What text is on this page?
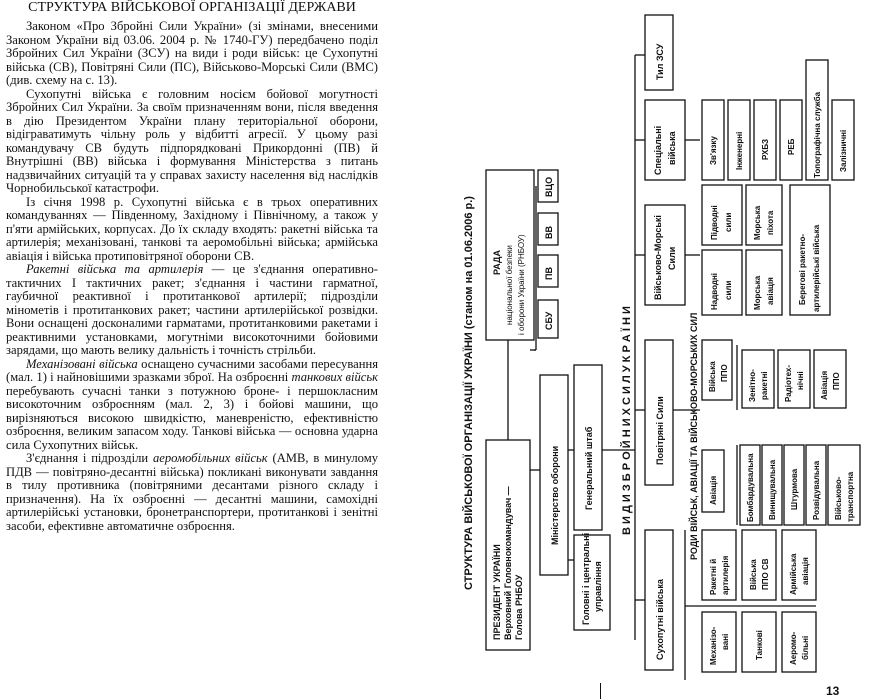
СТРУКТУРА ВІЙСЬКОВОЇ ОРГАНІЗАЦІЇ ДЕРЖАВИ

Законом «Про Збройні Сили України» (зі змінами, внесеними Законом України від 03.06. 2004 р. № 1740-ГУ) передбачено поділ Збройних Сил України (ЗСУ) на види і роди військ: це Сухопутні війська (СВ), Повітряні Сили (ПС), Військово-Морські Сили (ВМС) (див. схему на с. 13).

Сухопутні війська є головним носієм бойової могутності Збройних Сил України. За своїм призначенням вони, після введення в дію Президентом України плану територіальної оборони, відіграватимуть чільну роль у відбитті агресії. У цьому разі командувачу СВ будуть підпорядковані Прикордонні (ПВ) й Внутрішні (ВВ) війська і формування Міністерства з питань надзвичайних ситуацій та у справах захисту населення від наслідків Чорнобильської катастрофи.

Із січня 1998 р. Сухопутні війська є в трьох оперативних командуваннях — Південному, Західному і Північному, а також у п'яти армійських, корпусах. До їх складу входять: ракетні війська та артилерія; механізовані, танкові та аеромобільні війська; армійська авіація і війська протиповітряної оборони СВ.

Ракетні війська та артилерія — це з'єднання оперативно-тактичних І тактичних ракет; з'єднання і частини гарматної, гаубичної реактивної і протитанкової артилерії; підрозділи мінометів і протитанкових ракет; частини артилерійської розвідки. Вони оснащені досконалими гарматами, протитанковими ракетами і реактивними установками, могутніми високоточними бойовими зарядами, що мають велику дальність і точність стрільби.

Механізовані війська оснащено сучасними засобами пересування (мал. 1) і найновішими зразками зброї. На озброєнні танкових військ перебувають сучасні танки з потужною броне- і першокласним високоточним озброєнням (мал. 2, 3) і бойові машини, що вирізняються високою швидкістю, маневреністю, ефективністю озброєння, великим запасом ходу. Танкові війська — основна ударна сила Сухопутних військ.

З'єднання і підрозділи аеромобільних військ (АМВ, в минулому ПДВ — повітряно-десантні війська) покликані виконувати завдання в тилу противника (повітряними десантами різного складу і призначення). На їх озброєнні — десантні машини, самохідні артилерійські установки, бронетранспортери, протитанкові і зенітні засоби, ефективне автоматичне озброєння.

13
СТРУКТУРА ВІЙСЬКОВОЇ ОРГАНІЗАЦІЇ УКРАЇНИ (станом на 01.06.2006 р.)
ПРЕЗИДЕНТ УКРАЇНИ Верховний Головнокомандувач — Голова РНБОУ
РАДА національної безпеки і оборони України (РНБОУ)
Міністерство оборони
СБУ
ПВ
ВВ
ВЦО
Генеральний штаб
Головні і центральні управління
В И Д И З Б Р О Й Н И Х С И Л У К Р А Ї Н И
Сухопутні війська
Повітряні Сили
Військово-Морські Сили
Спеціальні війська
Тил ЗСУ
РОДИ ВІЙСЬК, АВІАЦІЇ ТА ВІЙСЬКОВО-МОРСЬКИХ СИЛ
Ракетні й артилерія
Механізо- вані
Війська ППО СВ
Танкові
Армійська авіація
Аеромо- більні
Авіація	Бомбардувальна Винищувальна Штурмова Розвідувальна Військово- транспортна
Війська ППО Зенітно- ракетні Радіотех- нічні Авіація ППО
Надводні сили
Підводні сили
Морська авіація
Морська піхота
Берегові ракетно- артилерійські війська
Зв'язку Інженерні РХБЗ РЕБ Топографічна служба Залізничні
